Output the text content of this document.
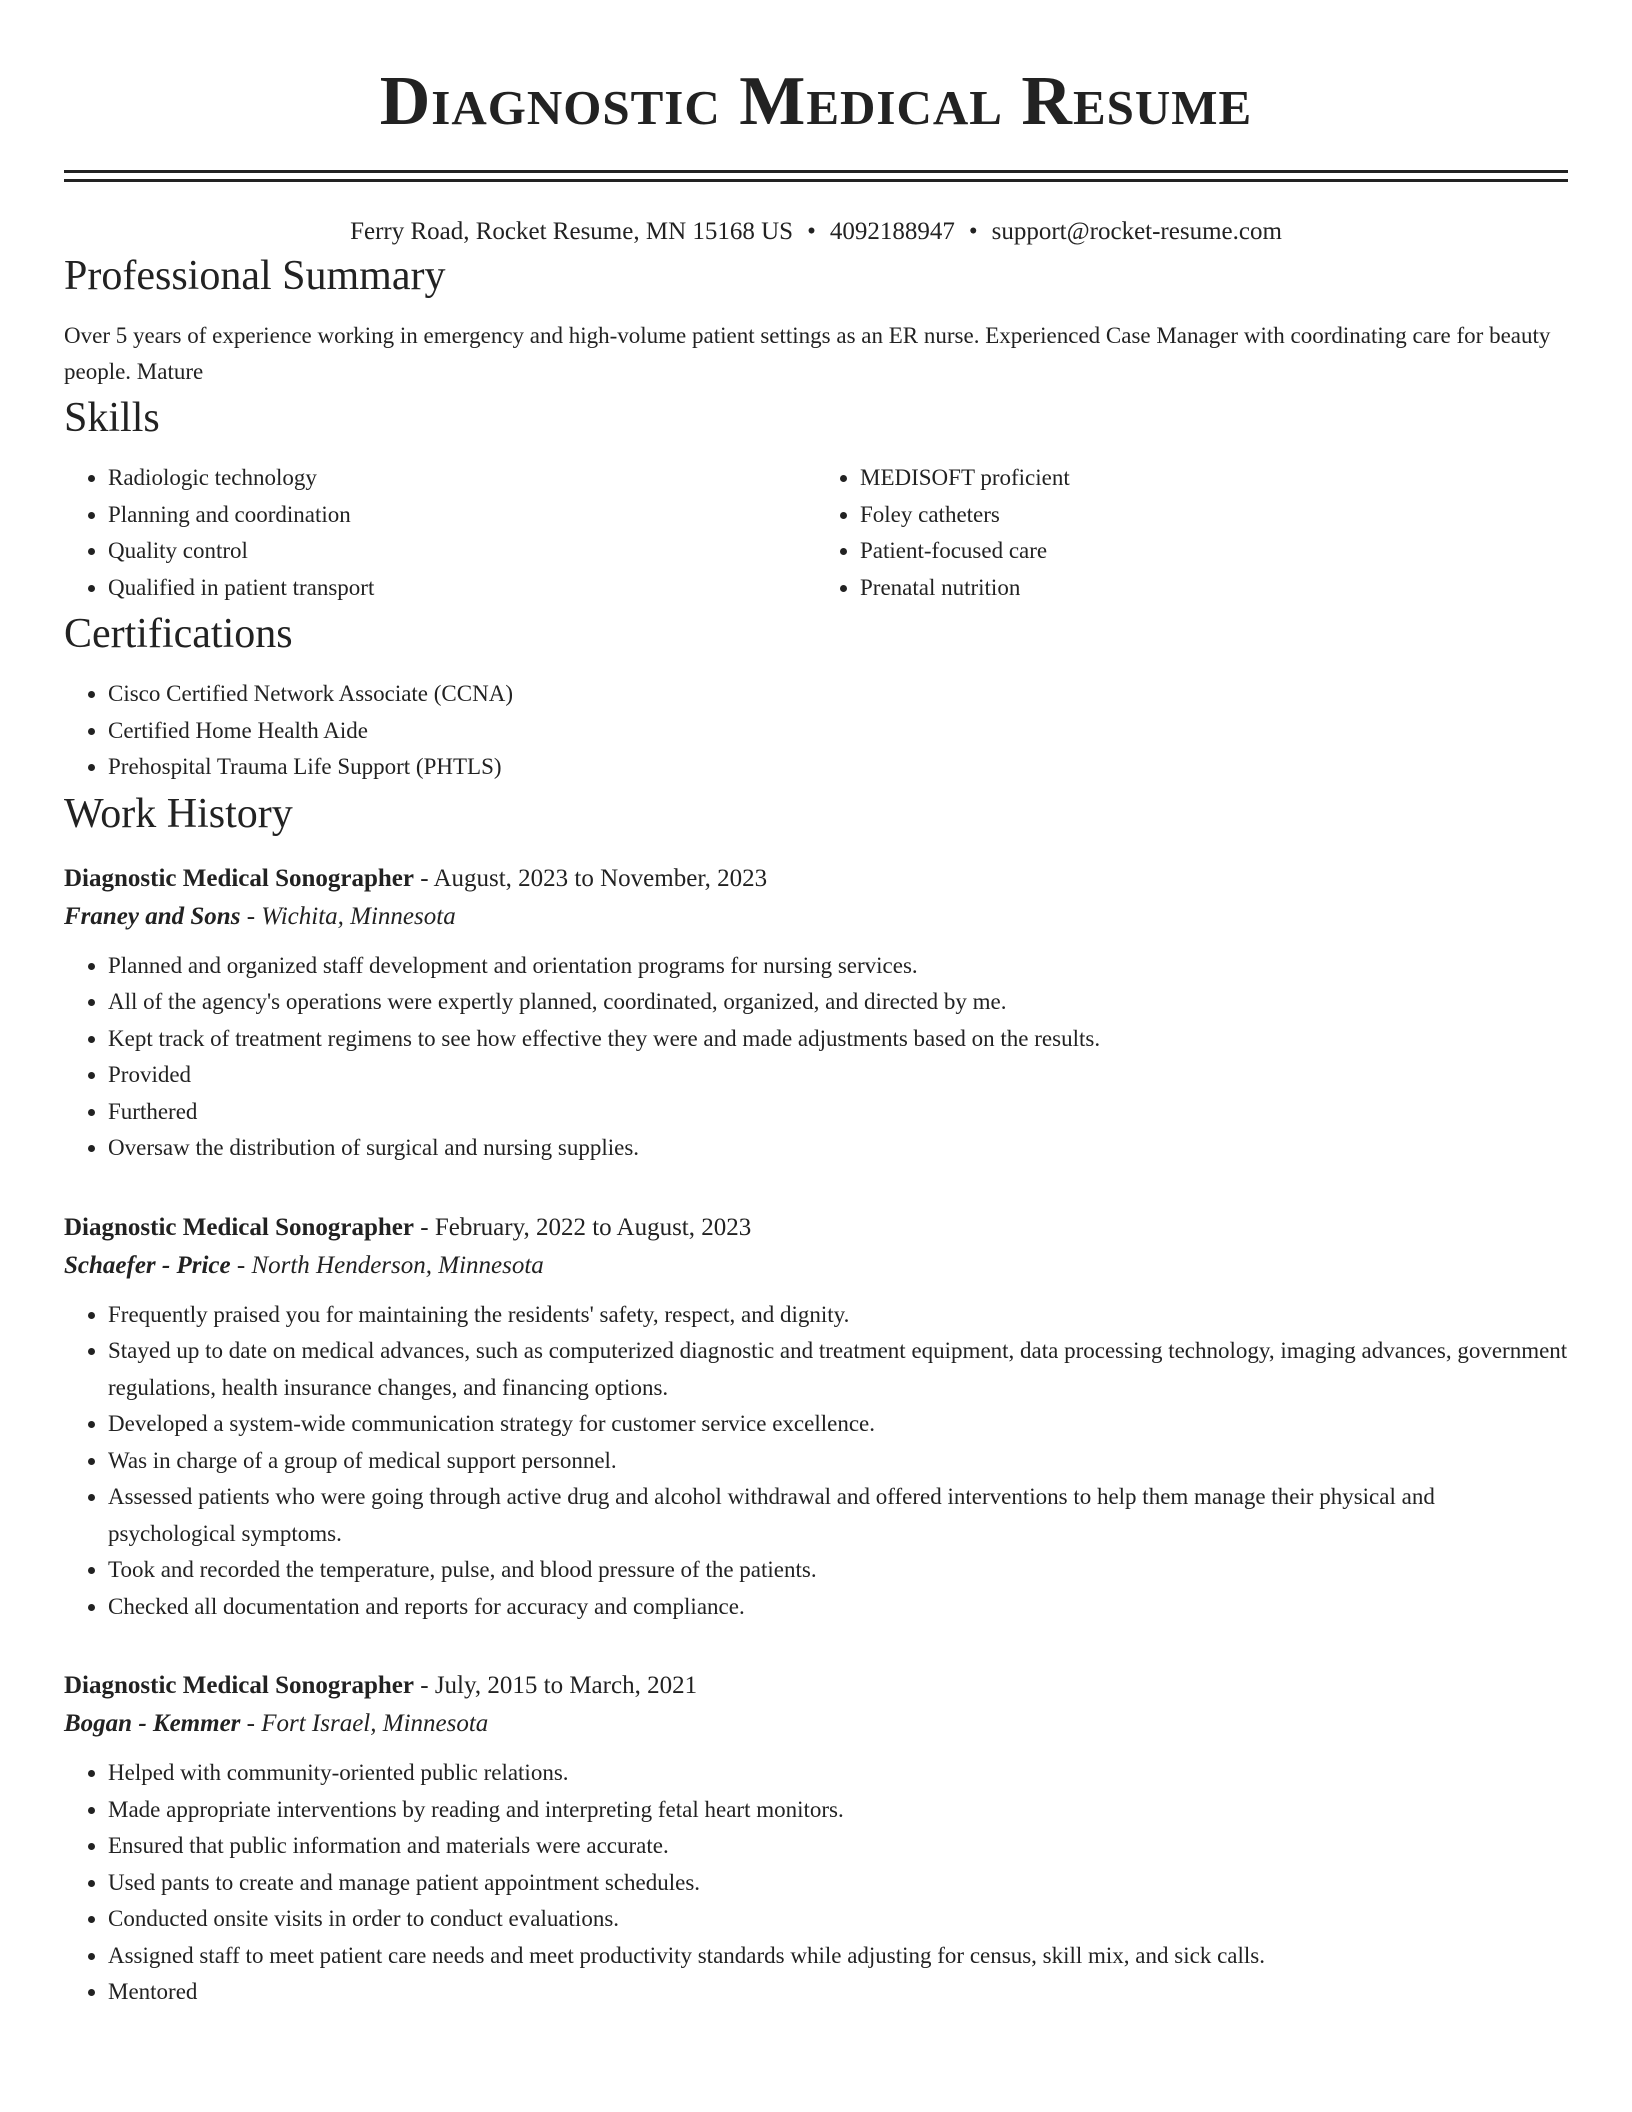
Diagnostic Medical Resume
Ferry Road, Rocket Resume, MN 15168 US • 4092188947 • support@rocket-resume.com
Professional Summary

Over 5 years of experience working in emergency and high-volume patient settings as an ER nurse. Experienced Case Manager with coordinating care for beauty people. Mature

Skills
• Radiologic technology
• Planning and coordination
• Quality control
• Qualified in patient transport
• MEDISOFT proficient
• Foley catheters
• Patient-focused care
• Prenatal nutrition
Certifications
• Cisco Certified Network Associate (CCNA)
• Certified Home Health Aide
• Prehospital Trauma Life Support (PHTLS)
Work History
Diagnostic Medical Sonographer - August, 2023 to November, 2023
Franey and Sons - Wichita, Minnesota
• Planned and organized staff development and orientation programs for nursing services.
• All of the agency's operations were expertly planned, coordinated, organized, and directed by me.
• Kept track of treatment regimens to see how effective they were and made adjustments based on the results.
• Provided
• Furthered
• Oversaw the distribution of surgical and nursing supplies.
Diagnostic Medical Sonographer - February, 2022 to August, 2023
Schaefer - Price - North Henderson, Minnesota
• Frequently praised you for maintaining the residents' safety, respect, and dignity.
• Stayed up to date on medical advances, such as computerized diagnostic and treatment equipment, data processing technology, imaging advances, government regulations, health insurance changes, and financing options.
• Developed a system-wide communication strategy for customer service excellence.
• Was in charge of a group of medical support personnel.
• Assessed patients who were going through active drug and alcohol withdrawal and offered interventions to help them manage their physical and psychological symptoms.
• Took and recorded the temperature, pulse, and blood pressure of the patients.
• Checked all documentation and reports for accuracy and compliance.
Diagnostic Medical Sonographer - July, 2015 to March, 2021
Bogan - Kemmer - Fort Israel, Minnesota
• Helped with community-oriented public relations.
• Made appropriate interventions by reading and interpreting fetal heart monitors.
• Ensured that public information and materials were accurate.
• Used pants to create and manage patient appointment schedules.
• Conducted onsite visits in order to conduct evaluations.
• Assigned staff to meet patient care needs and meet productivity standards while adjusting for census, skill mix, and sick calls.
• Mentored
